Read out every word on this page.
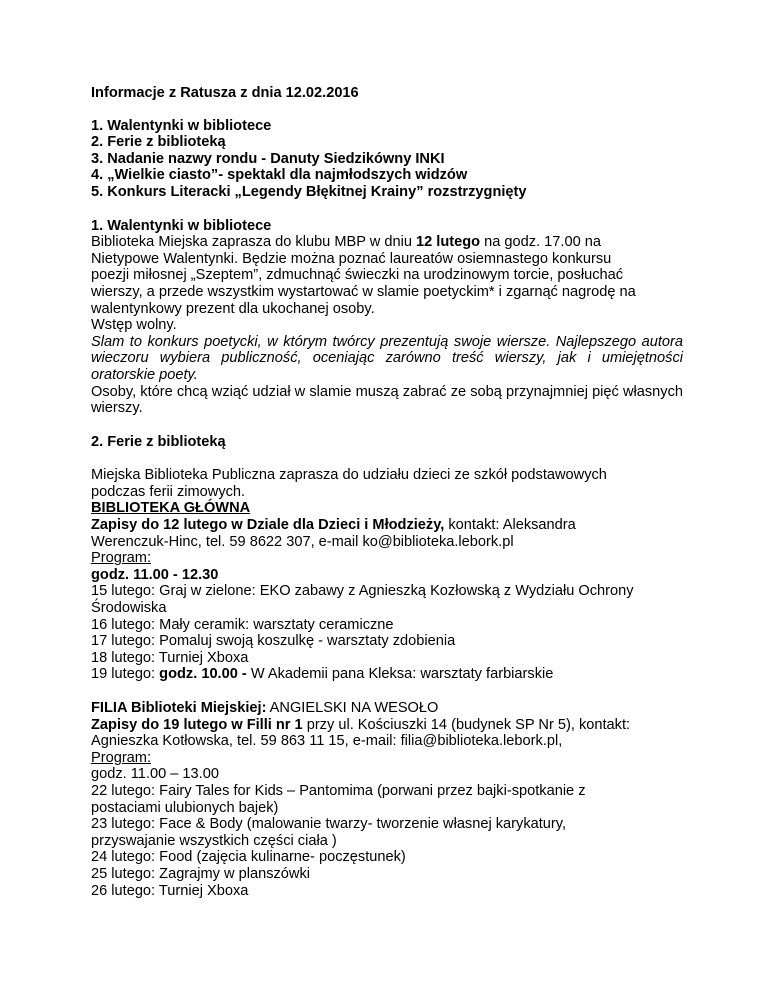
Informacje z Ratusza z dnia 12.02.2016

1. Walentynki w bibliotece

2. Ferie z biblioteką

3. Nadanie nazwy rondu - Danuty Siedzikówny INKI

4. „Wielkie ciasto”- spektakl dla najmłodszych widzów

5. Konkurs Literacki „Legendy Błękitnej Krainy” rozstrzygnięty

1. Walentynki w bibliotece

Biblioteka Miejska zaprasza do klubu MBP w dniu 12 lutego na godz. 17.00 na

Nietypowe Walentynki. Będzie można poznać laureatów osiemnastego konkursu

poezji miłosnej „Szeptem”, zdmuchnąć świeczki na urodzinowym torcie, posłuchać

wierszy, a przede wszystkim wystartować w slamie poetyckim* i zgarnąć nagrodę na

walentynkowy prezent dla ukochanej osoby.

Wstęp wolny.

Slam to konkurs poetycki, w którym twórcy prezentują swoje wiersze. Najlepszego autora wieczoru wybiera publiczność, oceniając zarówno treść wierszy, jak i umiejętności oratorskie poety.

Osoby, które chcą wziąć udział w slamie muszą zabrać ze sobą przynajmniej pięć własnych wierszy.

2. Ferie z biblioteką

Miejska Biblioteka Publiczna zaprasza do udziału dzieci ze szkół podstawowych

podczas ferii zimowych.

BIBLIOTEKA GŁÓWNA

Zapisy do 12 lutego w Dziale dla Dzieci i Młodzieży, kontakt: Aleksandra

Werenczuk-Hinc, tel. 59 8622 307, e-mail ko@biblioteka.lebork.pl

Program:

godz. 11.00 - 12.30

15 lutego: Graj w zielone: EKO zabawy z Agnieszką Kozłowską z Wydziału Ochrony

Środowiska

16 lutego: Mały ceramik: warsztaty ceramiczne

17 lutego: Pomaluj swoją koszulkę - warsztaty zdobienia

18 lutego: Turniej Xboxa

19 lutego: godz. 10.00 - W Akademii pana Kleksa: warsztaty farbiarskie

FILIA Biblioteki Miejskiej: ANGIELSKI NA WESOŁO

Zapisy do 19 lutego w Filli nr 1 przy ul. Kościuszki 14 (budynek SP Nr 5), kontakt:

Agnieszka Kotłowska, tel. 59 863 11 15, e-mail: filia@biblioteka.lebork.pl,

Program:

godz. 11.00 – 13.00

22 lutego: Fairy Tales for Kids – Pantomima (porwani przez bajki-spotkanie z

postaciami ulubionych bajek)

23 lutego: Face & Body (malowanie twarzy- tworzenie własnej karykatury,

przyswajanie wszystkich części ciała )

24 lutego: Food (zajęcia kulinarne- poczęstunek)

25 lutego: Zagrajmy w planszówki

26 lutego: Turniej Xboxa
